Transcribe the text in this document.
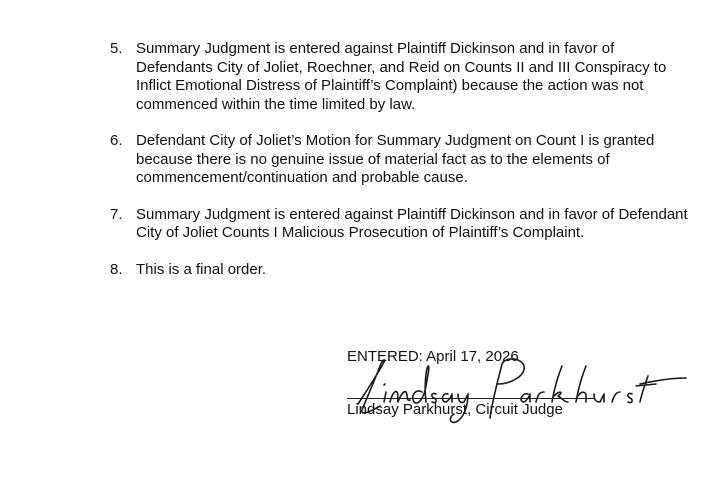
5. Summary Judgment is entered against Plaintiff Dickinson and in favor of Defendants City of Joliet, Roechner, and Reid on Counts II and III Conspiracy to Inflict Emotional Distress of Plaintiff’s Complaint) because the action was not commenced within the time limited by law.
6. Defendant City of Joliet’s Motion for Summary Judgment on Count I is granted because there is no genuine issue of material fact as to the elements of commencement/continuation and probable cause.
7. Summary Judgment is entered against Plaintiff Dickinson and in favor of Defendant City of Joliet Counts I Malicious Prosecution of Plaintiff’s Complaint.
8. This is a final order.
ENTERED: April 17, 2026
Lindsay Parkhurst, Circuit Judge
